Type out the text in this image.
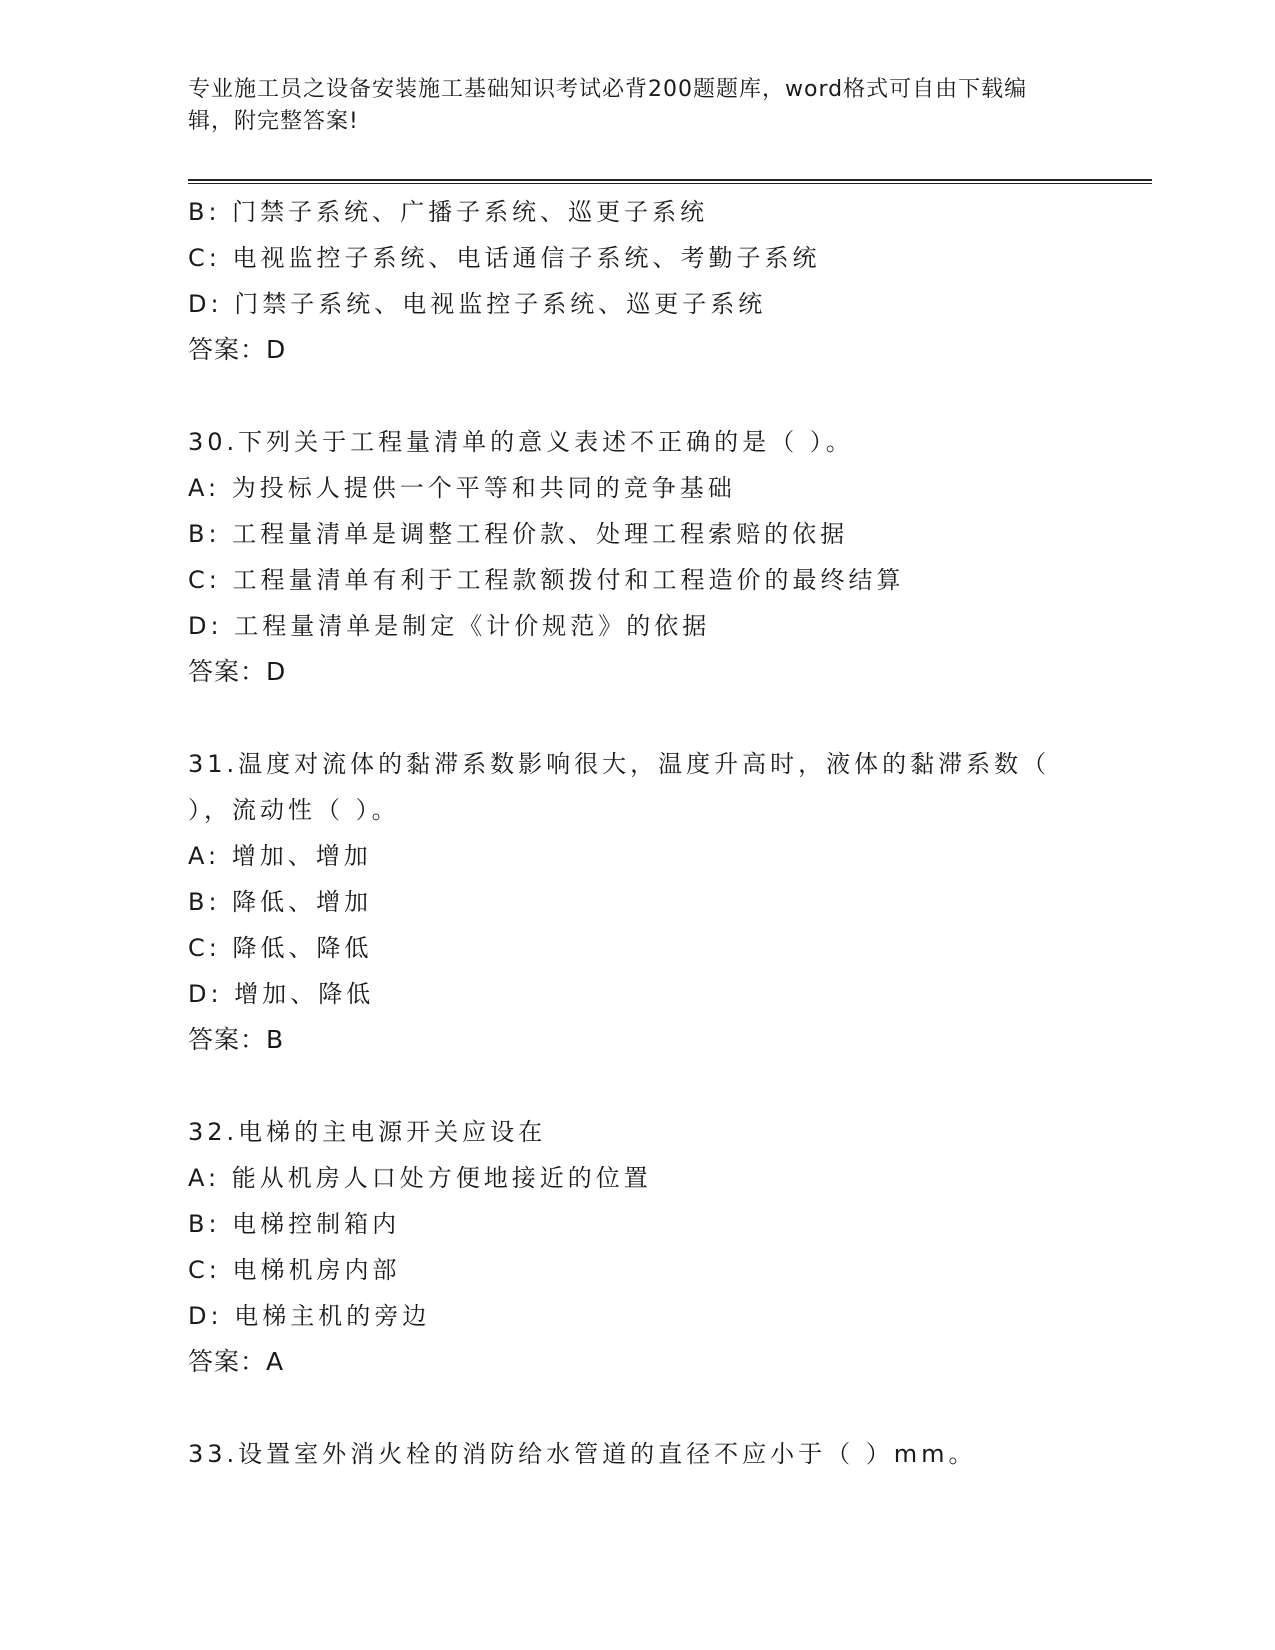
专业施工员之设备安装施工基础知识考试必背200题题库，word格式可自由下载编辑，附完整答案!
B: 门禁子系统、广播子系统、巡更子系统
C: 电视监控子系统、电话通信子系统、考勤子系统
D: 门禁子系统、电视监控子系统、巡更子系统
答案：D
30.下列关于工程量清单的意义表述不正确的是（ ）。
A: 为投标人提供一个平等和共同的竞争基础
B: 工程量清单是调整工程价款、处理工程索赔的依据
C: 工程量清单有利于工程款额拨付和工程造价的最终结算
D: 工程量清单是制定《计价规范》的依据
答案：D
31.温度对流体的黏滞系数影响很大，温度升高时，液体的黏滞系数（ ），流动性（ ）。
A: 增加、增加
B: 降低、增加
C: 降低、降低
D: 增加、降低
答案：B
32.电梯的主电源开关应设在
A: 能从机房人口处方便地接近的位置
B: 电梯控制箱内
C: 电梯机房内部
D: 电梯主机的旁边
答案：A
33.设置室外消火栓的消防给水管道的直径不应小于（ ）mm。
